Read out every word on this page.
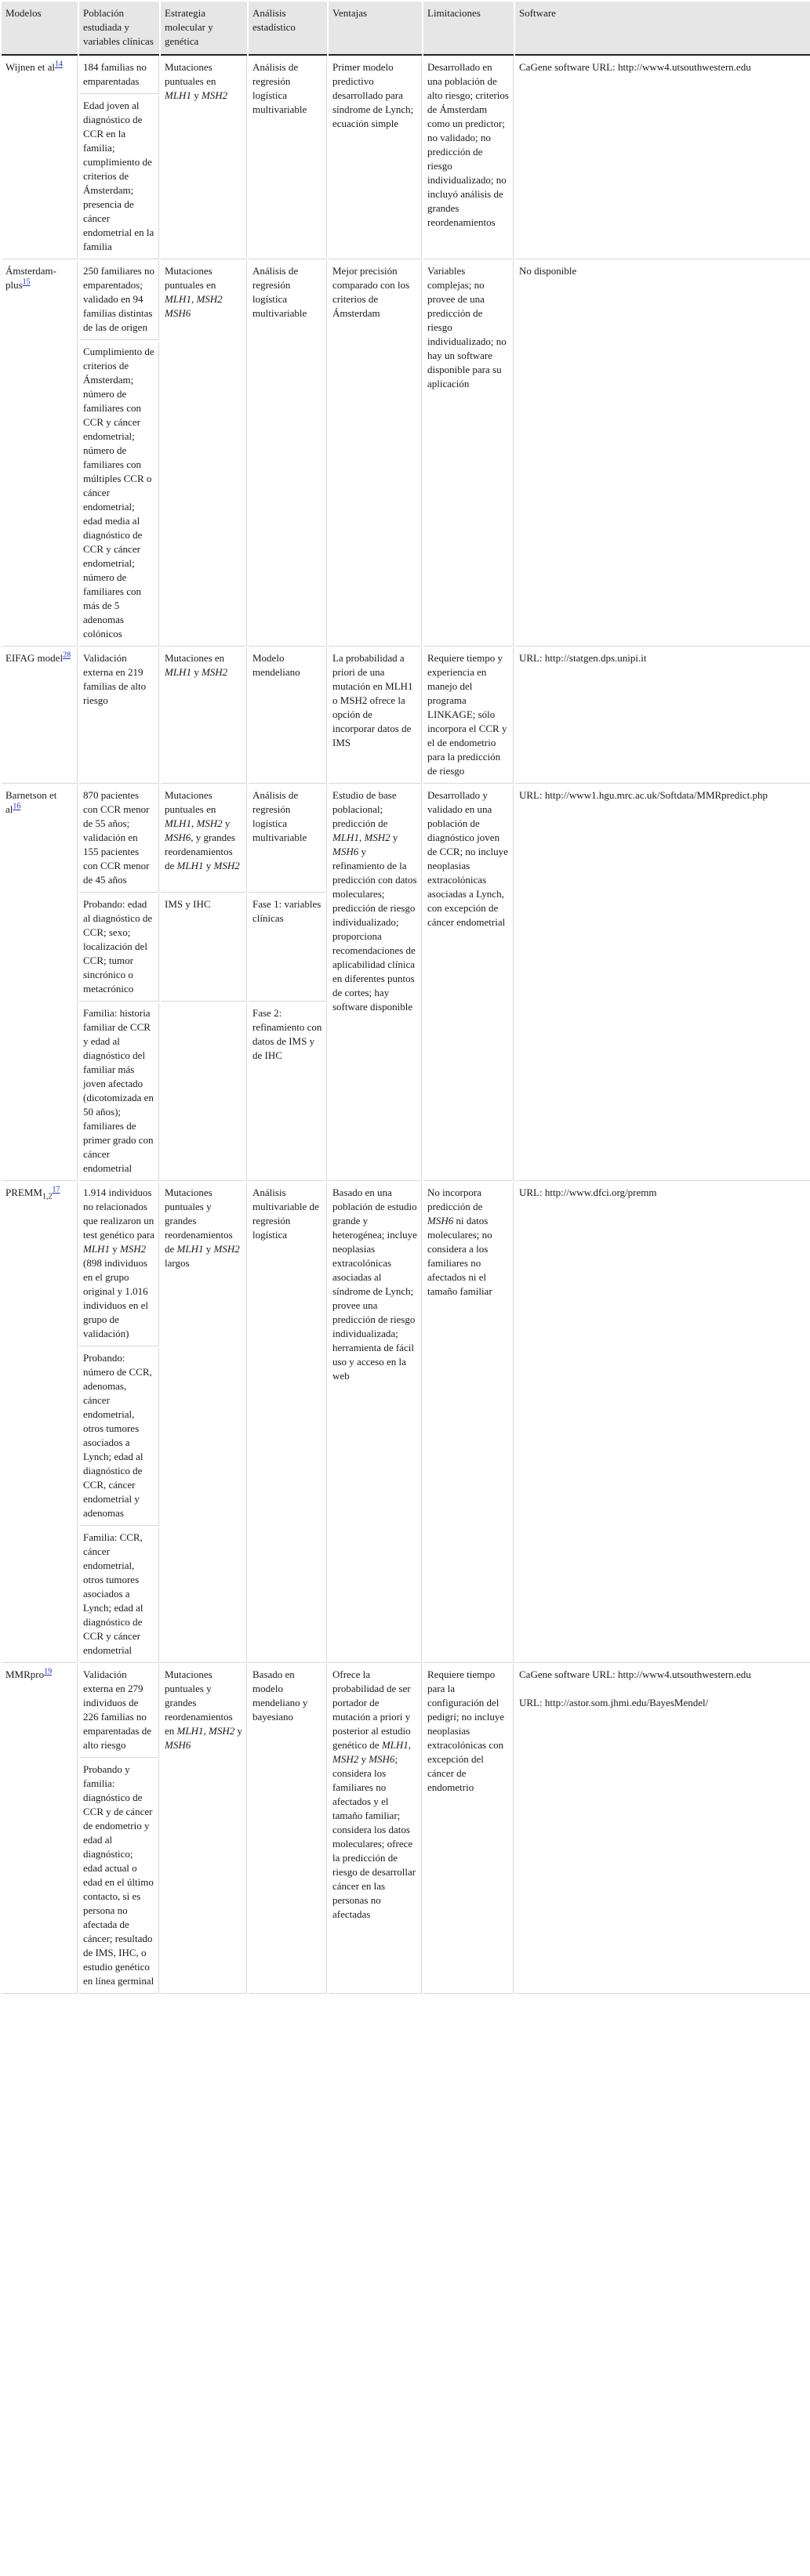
Modelos	Población estudiada y variables clínicas	Estrategia molecular y genética	Análisis estadístico	Ventajas	Limitaciones	Software
Wijnen et $al^{14}$	184 familias no emparentadas	Mutaciones puntuales en MLH1 y MSH2	Análisis de regresión logística multivariable	Primer modelo predictivo desarrollado para síndrome de Lynch; ecuación simple	Desarrollado en una población de alto riesgo; criterios de Ámsterdam como un predictor; no validado; no predicción de riesgo individualizado; no incluyó análisis de grandes reordenamientos	CaGene software URL: http://www4.utsouthwestern.edu
	Edad joven al diagnóstico de CCR en la familia; cumplimiento de criterios de Ámsterdam; presencia de cáncer endometrial en la familia					
Ámsterdam-plus$^{15}$	250 familiares no emparentados; validado en 94 familias distintas de las de origen	Mutaciones puntuales en MLH1, MSH2 MSH6	Análisis de regresión logística multivariable	Mejor precisión comparado con los criterios de Ámsterdam	Variables complejas; no provee de una predicción de riesgo individualizado; no hay un software disponible para su aplicación	No disponible
	Cumplimiento de criterios de Ámsterdam; número de familiares con CCR y cáncer endometrial; número de familiares con múltiples CCR o cáncer endometrial; edad media al diagnóstico de CCR y cáncer endometrial; número de familiares con más de 5 adenomas colónicos					
EIFAG model$^{28}$	Validación externa en 219 familias de alto riesgo	Mutaciones en MLH1 y MSH2	Modelo mendeliano	La probabilidad a priori de una mutación en MLH1 o MSH2 ofrece la opción de incorporar datos de IMS	Requiere tiempo y experiencia en manejo del programa LINKAGE; sólo incorpora el CCR y el de endometrio para la predicción de riesgo	URL: http://statgen.dps.unipi.it
Barnetson et $al^{16}$	870 pacientes con CCR menor de 55 años; validación en 155 pacientes con CCR menor de 45 años	Mutaciones puntuales en MLH1, MSH2 y MSH6, y grandes reordenamientos de MLH1 y MSH2	Análisis de regresión logística multivariable	Estudio de base poblacional; predicción de MLH1, MSH2 y MSH6 y refinamiento de la predicción con datos moleculares; predicción de riesgo individualizado; proporciona recomendaciones de aplicabilidad clínica en diferentes puntos de cortes; hay software disponible	Desarrollado y validado en una población de diagnóstico joven de CCR; no incluye neoplasias extracolónicas asociadas a Lynch, con excepción de cáncer endometrial	URL: http://www1.hgu.mrc.ac.uk/Softdata/MMRpredict.php
	Probando: edad al diagnóstico de CCR; sexo; localización del CCR; tumor sincrónico o metacrónico	IMS y IHC	Fase 1: variables clínicas			
	Familia: historia familiar de CCR y edad al diagnóstico del familiar más joven afectado (dicotomizada en 50 años); familiares de primer grado con cáncer endometrial		Fase 2: refinamiento con datos de IMS y de IHC			
$PREMM_{1,2}^{17}$	1.914 individuos no relacionados que realizaron un test genético para MLH1 y MSH2 (898 individuos en el grupo original y 1.016 individuos en el grupo de validación)	Mutaciones puntuales y grandes reordenamientos de MLH1 y MSH2 largos	Análisis multivariable de regresión logística	Basado en una población de estudio grande y heterogénea; incluye neoplasias extracolónicas asociadas al síndrome de Lynch; provee una predicción de riesgo individualizada; herramienta de fácil uso y acceso en la web	No incorpora predicción de MSH6 ni datos moleculares; no considera a los familiares no afectados ni el tamaño familiar	URL: http://www.dfci.org/premm
	Probando: número de CCR, adenomas, cáncer endometrial, otros tumores asociados a Lynch; edad al diagnóstico de CCR, cáncer endometrial y adenomas					
	Familia: CCR, cáncer endometrial, otros tumores asociados a Lynch; edad al diagnóstico de CCR y cáncer endometrial					
MMRpro$^{19}$	Validación externa en 279 individuos de 226 familias no emparentadas de alto riesgo	Mutaciones puntuales y grandes reordenamientos en MLH1, MSH2 y MSH6	Basado en modelo mendeliano y bayesiano	Ofrece la probabilidad de ser portador de mutación a priori y posterior al estudio genético de MLH1, MSH2 y MSH6; considera los familiares no afectados y el tamaño familiar; considera los datos moleculares; ofrece la predicción de riesgo de desarrollar cáncer en las personas no afectadas	Requiere tiempo para la configuración del pedigrí; no incluye neoplasias extracolónicas con excepción del cáncer de endometrio	CaGene software URL: http://www4.utsouthwestern.edu
URL: http://astor.som.jhmi.edu/BayesMendel/

	Probando y familia: diagnóstico de CCR y de cáncer de endometrio y edad al diagnóstico; edad actual o edad en el último contacto, si es persona no afectada de cáncer; resultado de IMS, IHC, o estudio genético en línea germinal					
